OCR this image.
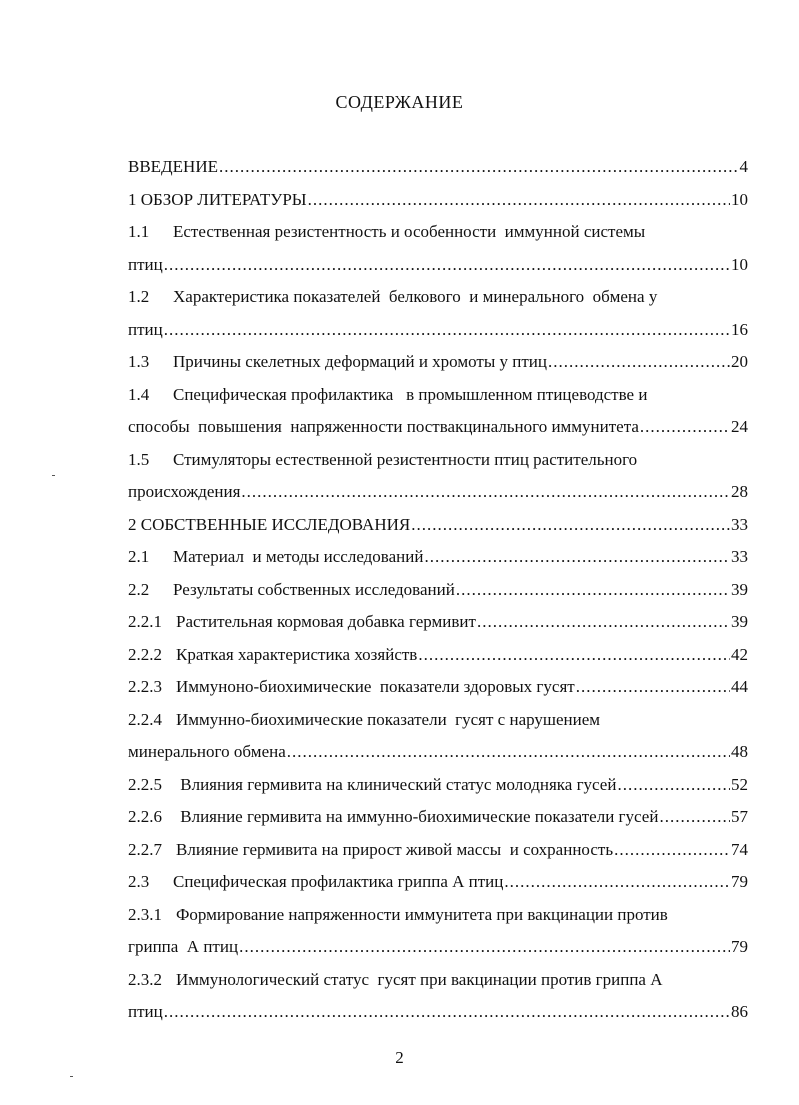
СОДЕРЖАНИЕ
ВВЕДЕНИЕ .....	4
1 ОБЗОР ЛИТЕРАТУРЫ .....	10
1.1	Естественная резистентность и особенности  иммунной системы
птиц .....	10
1.2	Характеристика показателей  белкового  и минерального  обмена у
птиц .....	16
1.3	Причины скелетных деформаций и хромоты у птиц .....	20
1.4	Специфическая профилактика   в промышленном птицеводстве и
способы  повышения  напряженности поствакцинального иммунитета .....	24
1.5	Стимуляторы естественной резистентности птиц растительного
происхождения .....	28
2 СОБСТВЕННЫЕ ИССЛЕДОВАНИЯ .....	33
2.1	Материал  и методы исследований .....	33
2.2	Результаты собственных исследований .....	39
2.2.1 Растительная кормовая добавка гермивит .....	39
2.2.2 Краткая характеристика хозяйств .....	42
2.2.3 Иммуноно-биохимические  показатели здоровых гусят .....	44
2.2.4 Иммунно-биохимические показатели  гусят с нарушением
минерального обмена .....	48
2.2.5 Влияния гермивита на клинический статус молодняка гусей .....	52
2.2.6 Влияние гермивита на иммунно-биохимические показатели гусей .....	57
2.2.7 Влияние гермивита на прирост живой массы  и сохранность .....	74
2.3	Специфическая профилактика гриппа А птиц .....	79
2.3.1 Формирование напряженности иммунитета при вакцинации против
гриппа  А птиц .....	79
2.3.2 Иммунологический статус  гусят при вакцинации против гриппа А
птиц .....	86
2
